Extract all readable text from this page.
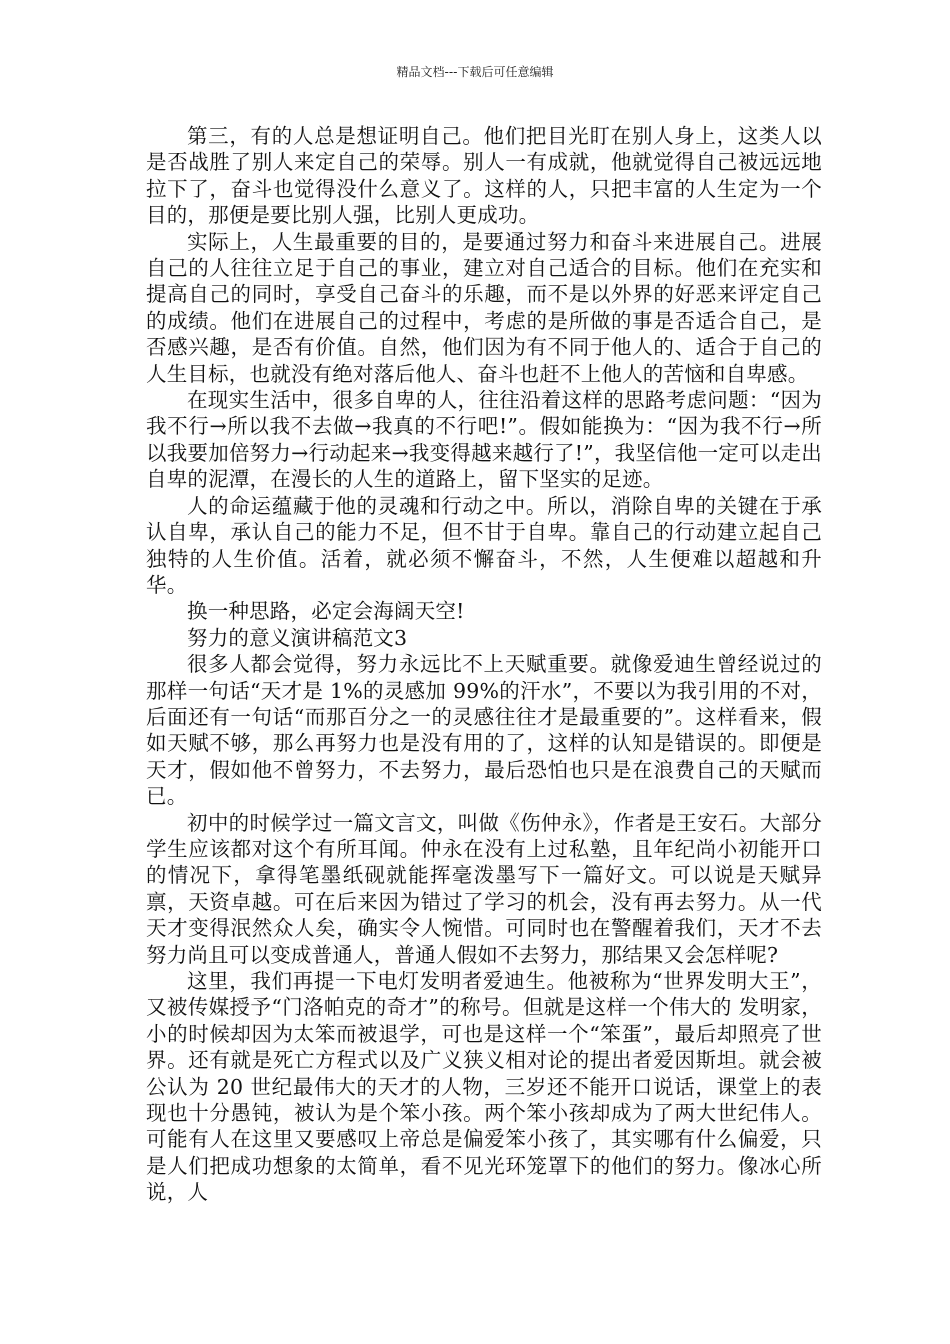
精品文档---下载后可任意编辑

第三，有的人总是想证明自己。他们把目光盯在别人身上，这类人以是否战胜了别人来定自己的荣辱。别人一有成就，他就觉得自己被远远地拉下了，奋斗也觉得没什么意义了。这样的人，只把丰富的人生定为一个目的，那便是要比别人强，比别人更成功。

实际上，人生最重要的目的，是要通过努力和奋斗来进展自己。进展自己的人往往立足于自己的事业，建立对自己适合的目标。他们在充实和提高自己的同时，享受自己奋斗的乐趣，而不是以外界的好恶来评定自己的成绩。他们在进展自己的过程中，考虑的是所做的事是否适合自己，是否感兴趣，是否有价值。自然，他们因为有不同于他人的、适合于自己的人生目标，也就没有绝对落后他人、奋斗也赶不上他人的苦恼和自卑感。

在现实生活中，很多自卑的人，往往沿着这样的思路考虑问题：“因为我不行→所以我不去做→我真的不行吧!”。假如能换为：“因为我不行→所以我要加倍努力→行动起来→我变得越来越行了!”，我坚信他一定可以走出自卑的泥潭，在漫长的人生的道路上，留下坚实的足迹。

人的命运蕴藏于他的灵魂和行动之中。所以，消除自卑的关键在于承认自卑，承认自己的能力不足，但不甘于自卑。靠自己的行动建立起自己独特的人生价值。活着，就必须不懈奋斗，不然，人生便难以超越和升华。

换一种思路，必定会海阔天空!

努力的意义演讲稿范文3

很多人都会觉得，努力永远比不上天赋重要。就像爱迪生曾经说过的那样一句话“天才是 1%的灵感加 99%的汗水”，不要以为我引用的不对，后面还有一句话“而那百分之一的灵感往往才是最重要的”。这样看来，假如天赋不够，那么再努力也是没有用的了，这样的认知是错误的。即便是天才，假如他不曾努力，不去努力，最后恐怕也只是在浪费自己的天赋而已。

初中的时候学过一篇文言文，叫做《伤仲永》，作者是王安石。大部分学生应该都对这个有所耳闻。仲永在没有上过私塾，且年纪尚小初能开口的情况下，拿得笔墨纸砚就能挥毫泼墨写下一篇好文。可以说是天赋异禀，天资卓越。可在后来因为错过了学习的机会，没有再去努力。从一代天才变得泯然众人矣，确实令人惋惜。可同时也在警醒着我们，天才不去努力尚且可以变成普通人，普通人假如不去努力，那结果又会怎样呢?

这里，我们再提一下电灯发明者爱迪生。他被称为“世界发明大王”，又被传媒授予“门洛帕克的奇才”的称号。但就是这样一个伟大的 发明家，小的时候却因为太笨而被退学，可也是这样一个“笨蛋”，最后却照亮了世界。还有就是死亡方程式以及广义狭义相对论的提出者爱因斯坦。就会被公认为 20 世纪最伟大的天才的人物，三岁还不能开口说话，课堂上的表现也十分愚钝，被认为是个笨小孩。两个笨小孩却成为了两大世纪伟人。可能有人在这里又要感叹上帝总是偏爱笨小孩了，其实哪有什么偏爱，只是人们把成功想象的太简单，看不见光环笼罩下的他们的努力。像冰心所说，人
